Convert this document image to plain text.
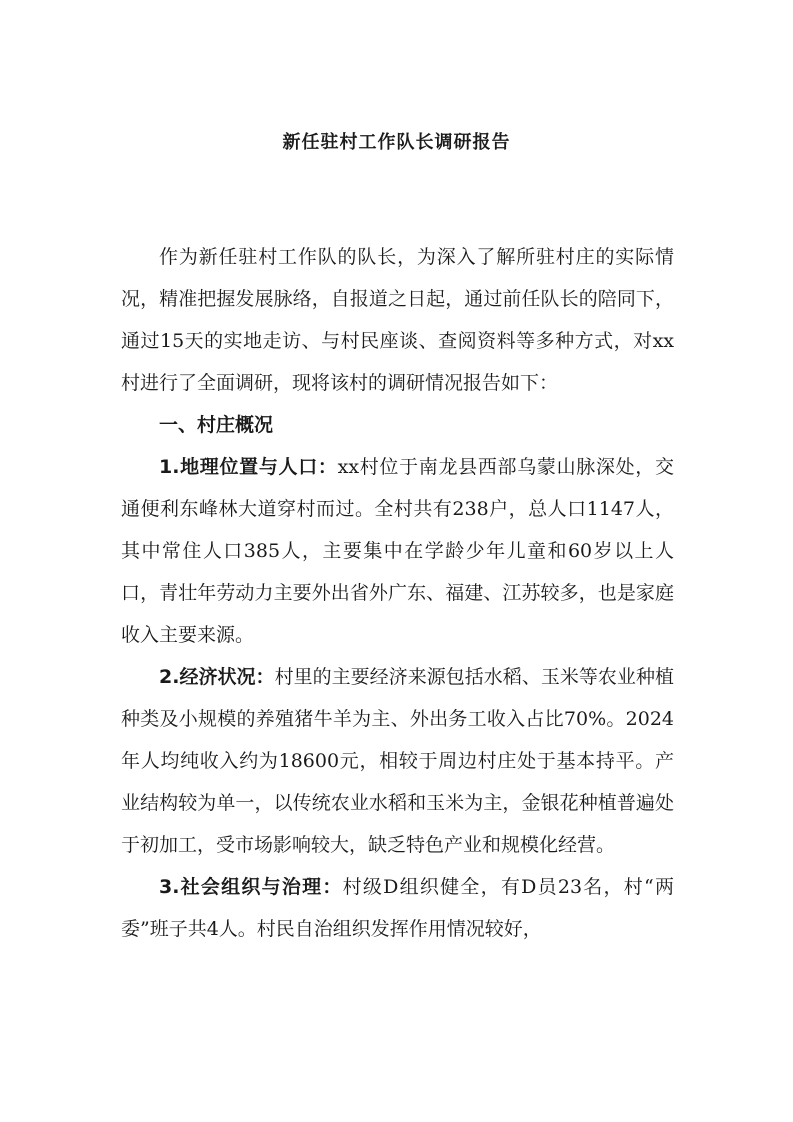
新任驻村工作队长调研报告

作为新任驻村工作队的队长，为深入了解所驻村庄的实际情况，精准把握发展脉络，自报道之日起，通过前任队长的陪同下，通过15天的实地走访、与村民座谈、查阅资料等多种方式，对xx村进行了全面调研，现将该村的调研情况报告如下：

一、村庄概况

1.地理位置与人口：xx村位于南龙县西部乌蒙山脉深处，交通便利东峰林大道穿村而过。全村共有238户，总人口1147人，其中常住人口385人，主要集中在学龄少年儿童和60岁以上人口，青壮年劳动力主要外出省外广东、福建、江苏较多，也是家庭收入主要来源。

2.经济状况：村里的主要经济来源包括水稻、玉米等农业种植种类及小规模的养殖猪牛羊为主、外出务工收入占比70%。2024年人均纯收入约为18600元，相较于周边村庄处于基本持平。产业结构较为单一，以传统农业水稻和玉米为主，金银花种植普遍处于初加工，受市场影响较大，缺乏特色产业和规模化经营。

3.社会组织与治理：村级D组织健全，有D员23名，村“两委”班子共4人。村民自治组织发挥作用情况较好，
